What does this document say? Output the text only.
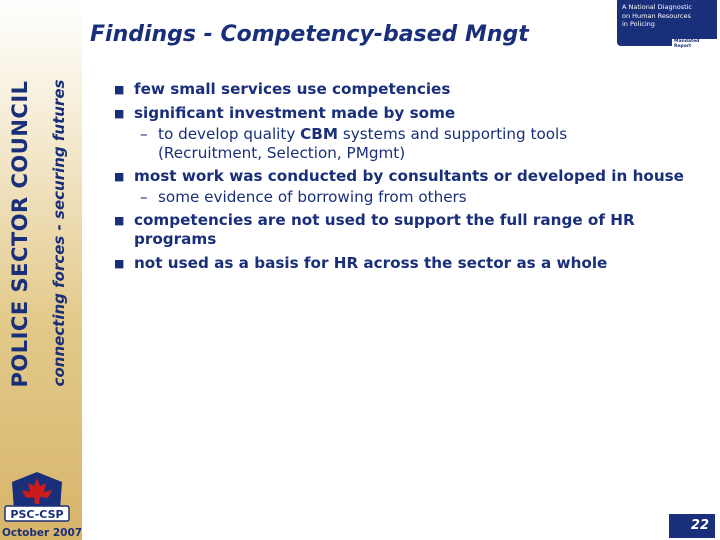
POLICE SECTOR COUNCIL connecting forces - securing futures
PSC-CSP
October 2007
Findings - Competency-based Mngt
A National Diagnostic
on Human Resources
in Policing
Mandated Report
■ few small services use competencies
■ significant investment made by some
– to develop quality CBM systems and supporting tools
(Recruitment, Selection, PMgmt)
■ most work was conducted by consultants or developed in house
– some evidence of borrowing from others
■ competencies are not used to support the full range of HR programs
■ not used as a basis for HR across the sector as a whole
22
